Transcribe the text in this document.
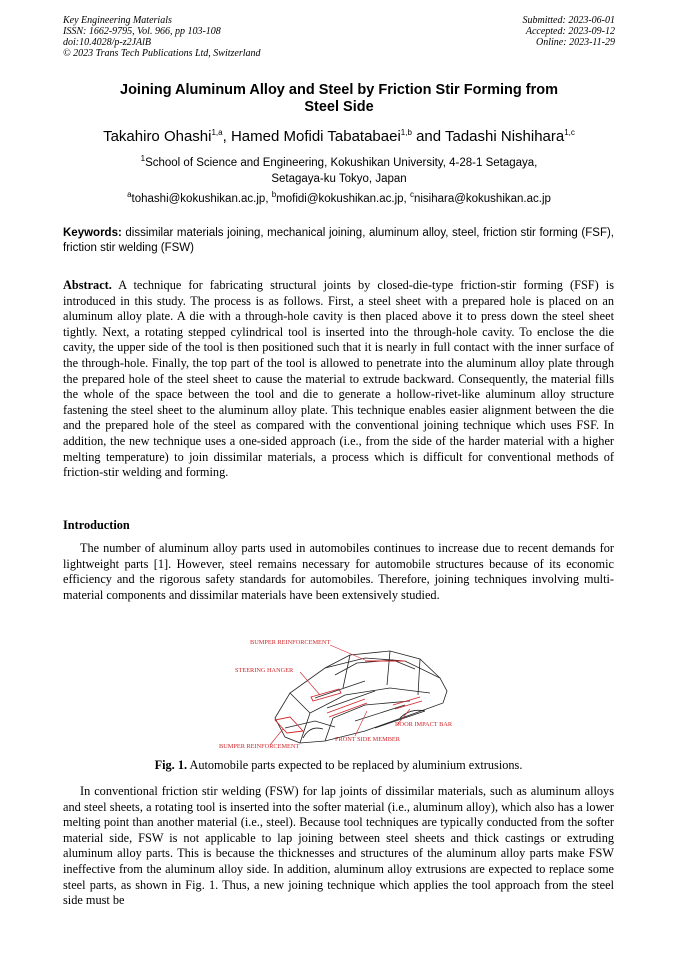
Key Engineering Materials
ISSN: 1662-9795, Vol. 966, pp 103-108
doi:10.4028/p-z2JAlB
© 2023 Trans Tech Publications Ltd, Switzerland
Submitted: 2023-06-01
Accepted: 2023-09-12
Online: 2023-11-29
Joining Aluminum Alloy and Steel by Friction Stir Forming from
Steel Side
Takahiro Ohashi$^{1,a}$, Hamed Mofidi Tabatabaei$^{1,b}$ and Tadashi Nishihara$^{1,c}$
$^1$School of Science and Engineering, Kokushikan University, 4-28-1 Setagaya,
Setagaya-ku Tokyo, Japan
$^a$tohashi@kokushikan.ac.jp, $^b$mofidi@kokushikan.ac.jp, $^c$nisihara@kokushikan.ac.jp
Keywords: dissimilar materials joining, mechanical joining, aluminum alloy, steel, friction stir forming (FSF), friction stir welding (FSW)
Abstract. A technique for fabricating structural joints by closed-die-type friction-stir forming (FSF) is introduced in this study. The process is as follows. First, a steel sheet with a prepared hole is placed on an aluminum alloy plate. A die with a through-hole cavity is then placed above it to press down the steel sheet tightly. Next, a rotating stepped cylindrical tool is inserted into the through-hole cavity. To enclose the die cavity, the upper side of the tool is then positioned such that it is nearly in full contact with the inner surface of the through-hole. Finally, the top part of the tool is allowed to penetrate into the aluminum alloy plate through the prepared hole of the steel sheet to cause the material to extrude backward. Consequently, the material fills the whole of the space between the tool and die to generate a hollow-rivet-like aluminum alloy structure fastening the steel sheet to the aluminum alloy plate. This technique enables easier alignment between the die and the prepared hole of the steel as compared with the conventional joining technique which uses FSF. In addition, the new technique uses a one-sided approach (i.e., from the side of the harder material with a higher melting temperature) to join dissimilar materials, a process which is difficult for conventional methods of friction-stir welding and forming.
Introduction
The number of aluminum alloy parts used in automobiles continues to increase due to recent demands for lightweight parts [1]. However, steel remains necessary for automobile structures because of its economic efficiency and the rigorous safety standards for automobiles. Therefore, joining techniques involving multi-material components and dissimilar materials have been extensively studied.
BUMPER REINFORCEMENT
STEERING HANGER
DOOR IMPACT BAR
FRONT SIDE MEMBER
BUMPER REINFORCEMENT
Fig. 1. Automobile parts expected to be replaced by aluminium extrusions.
In conventional friction stir welding (FSW) for lap joints of dissimilar materials, such as aluminum alloys and steel sheets, a rotating tool is inserted into the softer material (i.e., aluminum alloy), which also has a lower melting point than another material (i.e., steel). Because tool techniques are typically conducted from the softer material side, FSW is not applicable to lap joining between steel sheets and thick castings or extruding aluminum alloy parts. This is because the thicknesses and structures of the aluminum alloy parts make FSW ineffective from the aluminum alloy side. In addition, aluminum alloy extrusions are expected to replace some steel parts, as shown in Fig. 1. Thus, a new joining technique which applies the tool approach from the steel side must be
